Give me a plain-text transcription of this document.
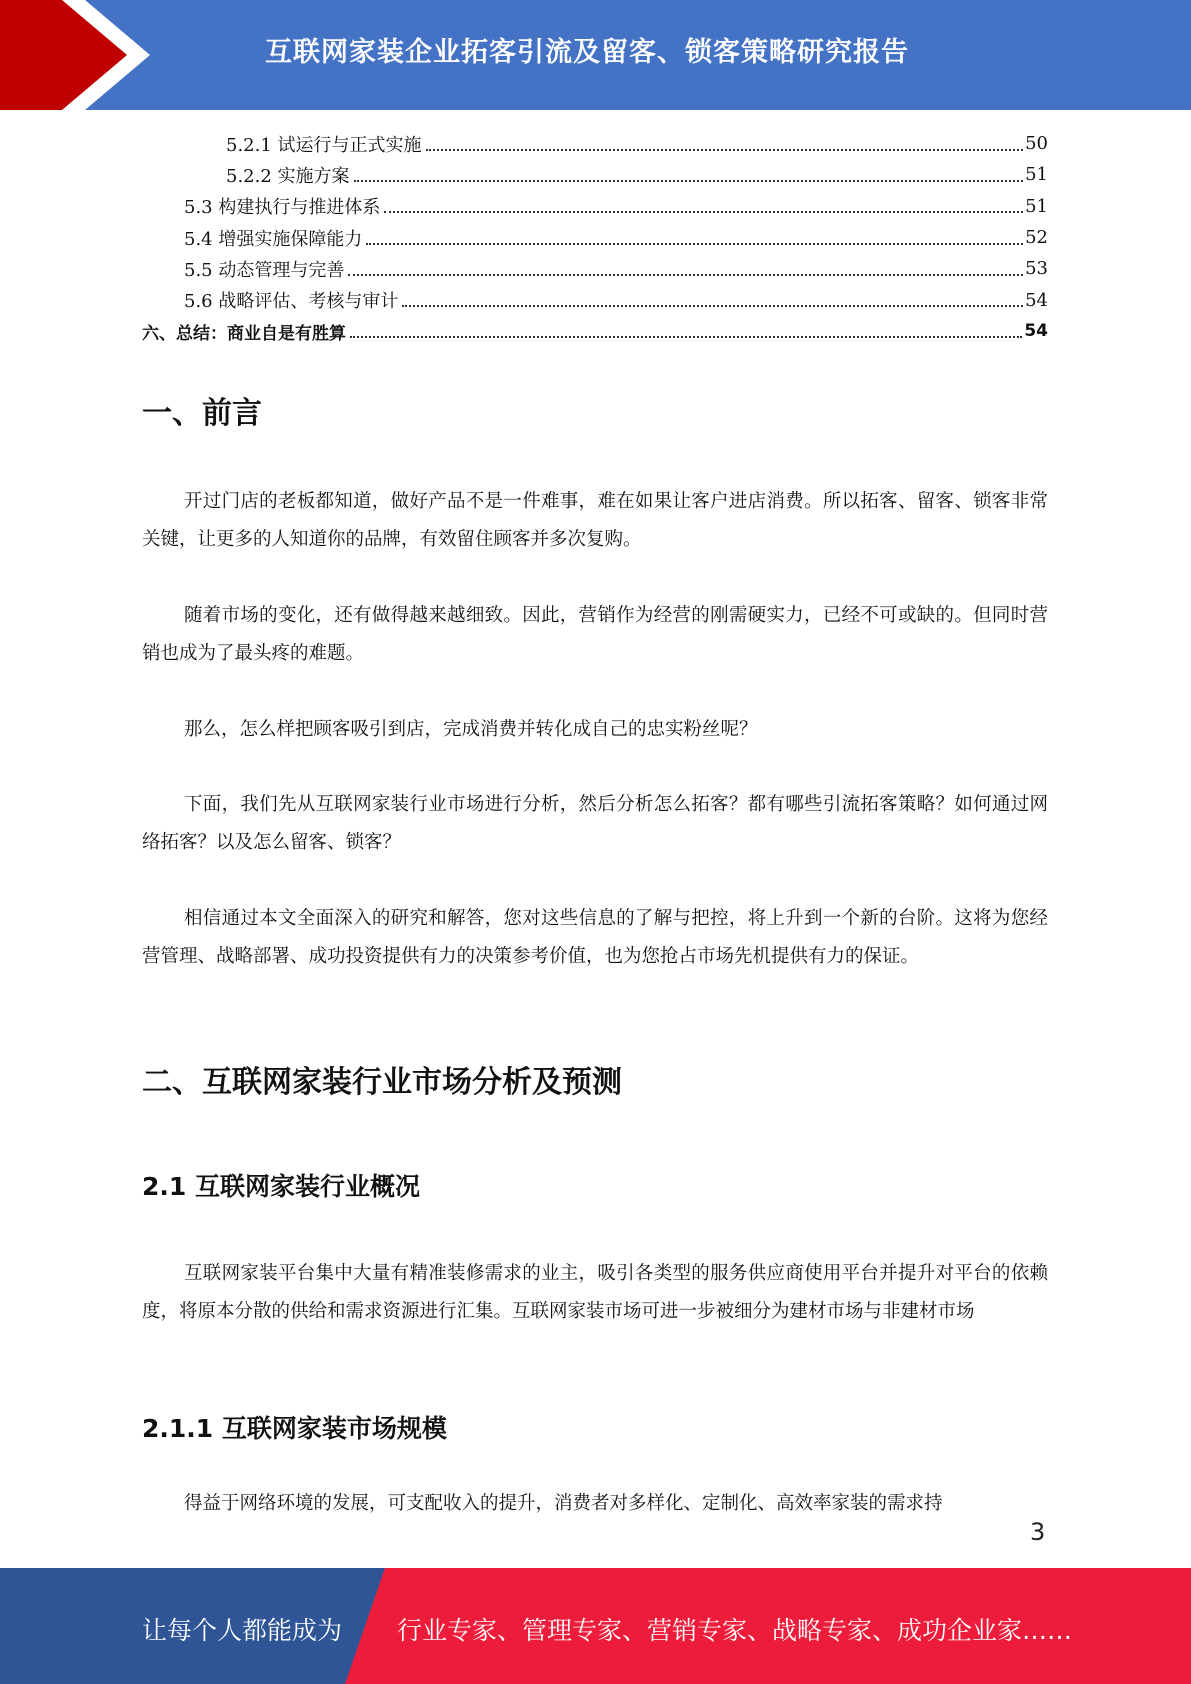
互联网家装企业拓客引流及留客、锁客策略研究报告
5.2.1 试运行与正式实施	50
5.2.2 实施方案	51
5.3 构建执行与推进体系	51
5.4 增强实施保障能力	52
5.5 动态管理与完善	53
5.6 战略评估、考核与审计	54
六、总结：商业自是有胜算	54
一、前言
开过门店的老板都知道，做好产品不是一件难事，难在如果让客户进店消费。所以拓客、留客、锁客非常关键，让更多的人知道你的品牌，有效留住顾客并多次复购。
随着市场的变化，还有做得越来越细致。因此，营销作为经营的刚需硬实力，已经不可或缺的。但同时营销也成为了最头疼的难题。
那么，怎么样把顾客吸引到店，完成消费并转化成自己的忠实粉丝呢？
下面，我们先从互联网家装行业市场进行分析，然后分析怎么拓客？都有哪些引流拓客策略？如何通过网络拓客？以及怎么留客、锁客？
相信通过本文全面深入的研究和解答，您对这些信息的了解与把控，将上升到一个新的台阶。这将为您经营管理、战略部署、成功投资提供有力的决策参考价值，也为您抢占市场先机提供有力的保证。
二、互联网家装行业市场分析及预测
2.1 互联网家装行业概况
互联网家装平台集中大量有精准装修需求的业主，吸引各类型的服务供应商使用平台并提升对平台的依赖度，将原本分散的供给和需求资源进行汇集。互联网家装市场可进一步被细分为建材市场与非建材市场
2.1.1 互联网家装市场规模
得益于网络环境的发展，可支配收入的提升，消费者对多样化、定制化、高效率家装的需求持
3
让每个人都能成为 行业专家、管理专家、营销专家、战略专家、成功企业家……
